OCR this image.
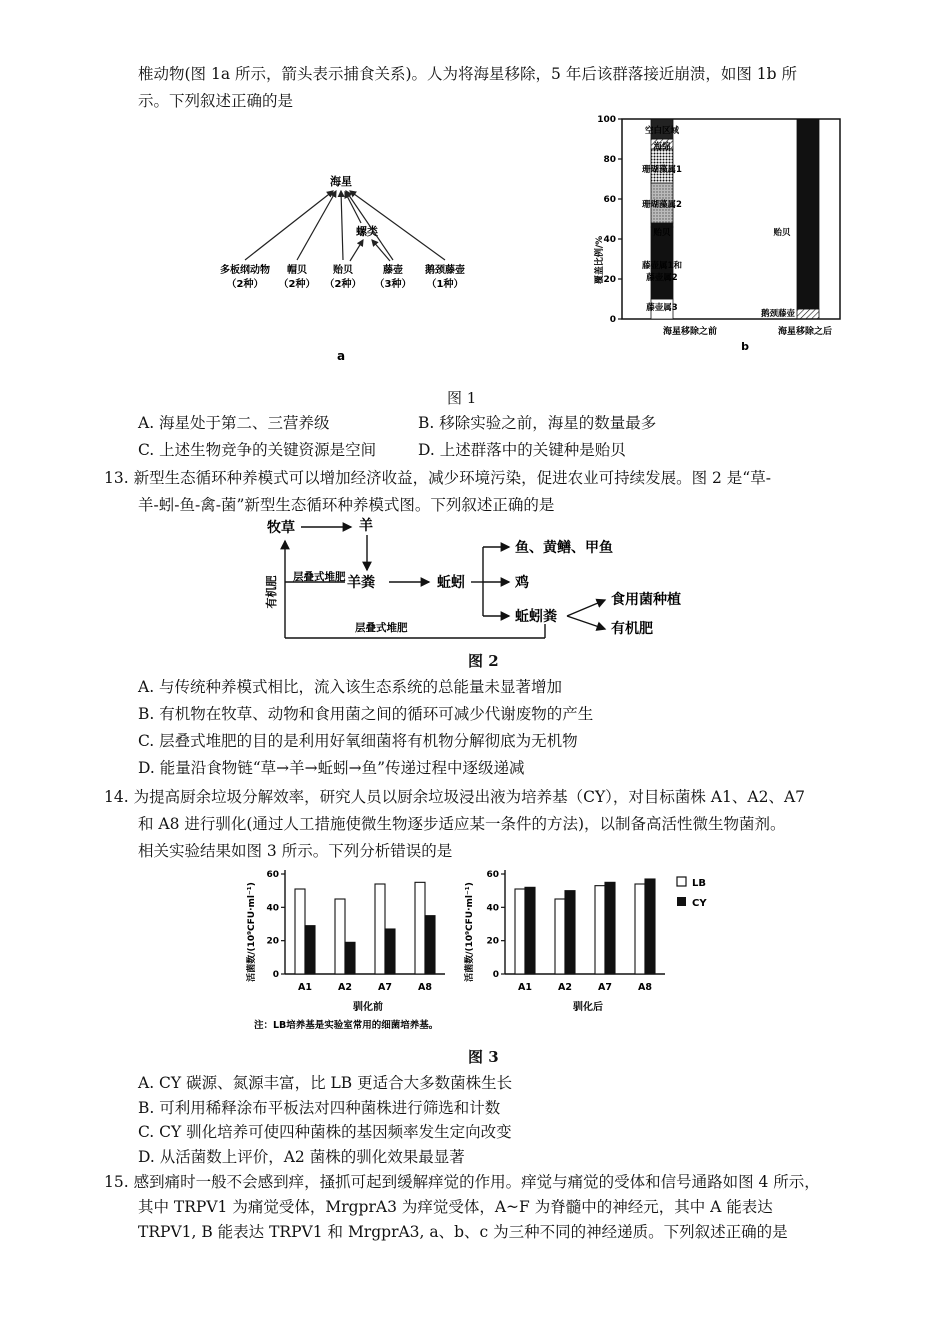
椎动物(图 1a 所示，箭头表示捕食关系)。人为将海星移除，5 年后该群落接近崩溃，如图 1b 所
示。下列叙述正确的是
海星
螺类
多板纲动物
（2种）
帽贝
（2种）
贻贝
（2种）
藤壶
（3种）
鹅颈藤壶
（1种）
a
覆盖比例/%
0
20
40
60
80
100
空白区域
海绵
珊瑚藻属1
珊瑚藻属2
贻贝
藤壶属1和
藤壶属2
藤壶属3
贻贝
鹅颈藤壶
海星移除之前	海星移除之后
b
图 1
A. 海星处于第二、三营养级	B. 移除实验之前，海星的数量最多
C. 上述生物竞争的关键资源是空间	D. 上述群落中的关键种是贻贝
13. 新型生态循环种养模式可以增加经济收益，减少环境污染，促进农业可持续发展。图 2 是“草-
羊-蚓-鱼-禽-菌”新型生态循环种养模式图。下列叙述正确的是
牧草	羊
羊粪	蚯蚓
鱼、黄鳝、甲鱼
鸡
蚯蚓粪
食用菌种植
有机肥
有机肥 层叠式堆肥
层叠式堆肥
图 2
A. 与传统种养模式相比，流入该生态系统的总能量未显著增加
B. 有机物在牧草、动物和食用菌之间的循环可减少代谢废物的产生
C. 层叠式堆肥的目的是利用好氧细菌将有机物分解彻底为无机物
D. 能量沿食物链“草→羊→蚯蚓→鱼”传递过程中逐级递减
14. 为提高厨余垃圾分解效率，研究人员以厨余垃圾浸出液为培养基（CY），对目标菌株 A1、A2、A7
和 A8 进行驯化(通过人工措施使微生物逐步适应某一条件的方法)，以制备高活性微生物菌剂。
相关实验结果如图 3 所示。下列分析错误的是
活菌数/(10⁹CFU·ml⁻¹)	活菌数/(10⁹CFU·ml⁻¹)
0
20
40
60
A1	A2	A7	A8
0
20
40
60
A1	A2	A7	A8
驯化前	驯化后
LB
CY
注：LB培养基是实验室常用的细菌培养基。
图 3
A. CY 碳源、氮源丰富，比 LB 更适合大多数菌株生长
B. 可利用稀释涂布平板法对四种菌株进行筛选和计数
C. CY 驯化培养可使四种菌株的基因频率发生定向改变
D. 从活菌数上评价，A2 菌株的驯化效果最显著
15. 感到痛时一般不会感到痒，搔抓可起到缓解痒觉的作用。痒觉与痛觉的受体和信号通路如图 4 所示，
其中 TRPV1 为痛觉受体，MrgprA3 为痒觉受体，A~F 为脊髓中的神经元，其中 A 能表达
TRPV1, B 能表达 TRPV1 和 MrgprA3, a、b、c 为三种不同的神经递质。下列叙述正确的是
